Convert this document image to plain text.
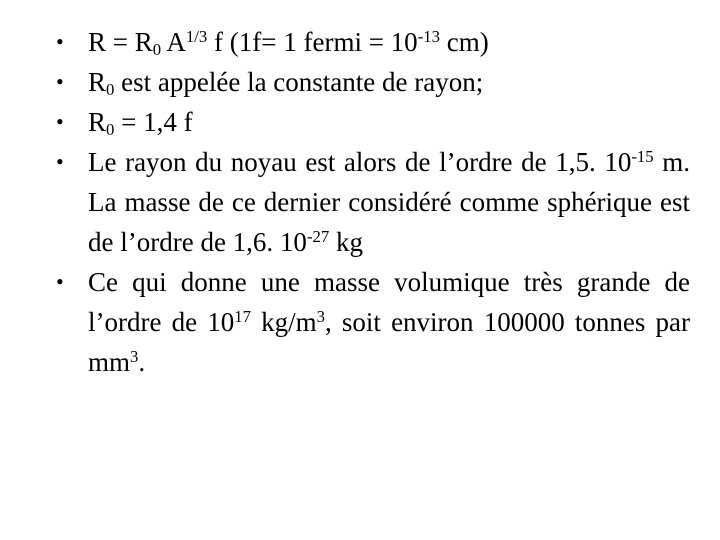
• $R = R_0$ $A^{1/3}$ f (1f= 1 fermi = $10^{-13}$ cm)
• $R_0$ est appelée la constante de rayon;
• $R_0 = 1,4$ f
• Le rayon du noyau est alors de l’ordre de 1,5. $10^{-15}$ m. La masse de ce dernier considéré comme sphérique est de l’ordre de 1,6. $10^{-27}$ kg
• Ce qui donne une masse volumique très grande de l’ordre de $10^{17}$ $kg/m^3$, soit environ 100000 tonnes par $mm^3$.
